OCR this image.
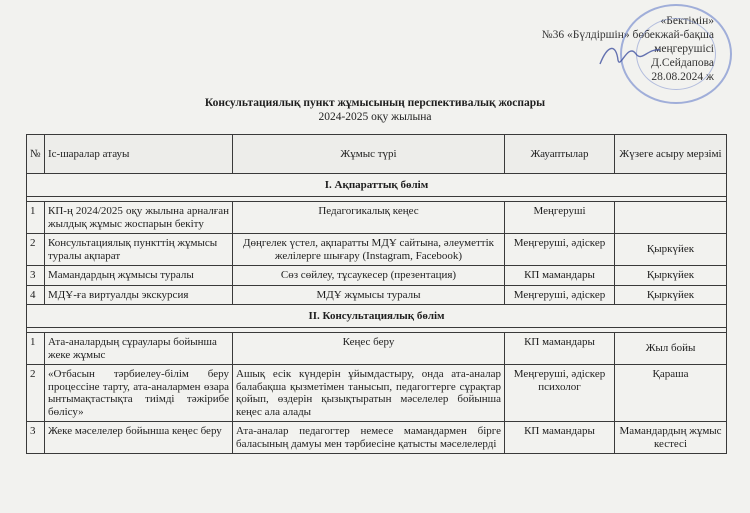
«Бектімін»
№36 «Бүлдіршін» бөбекжай-бақша
меңгерушісі
Д.Сейдапова
28.08.2024 ж
Консультациялық пункт жұмысының перспективалық жоспары
2024-2025 оқу жылына
№	Іс-шаралар атауы	Жұмыс түрі	Жауаптылар	Жүзеге асыру мерзімі
І. Ақпараттық бөлім				

1	КП-ң 2024/2025 оқу жылына арналған жылдық жұмыс жоспарын бекіту	Педагогикалық кеңес	Меңгеруші	
2	Консультациялық пункттің жұмысы туралы ақпарат	Дөңгелек үстел, ақпаратты МДҰ сайтына, әлеуметтік желілерге шығару (Instagram, Facebook)	Меңгеруші, әдіскер	Қыркүйек
3	Мамандардың жұмысы туралы	Сөз сөйлеу, тұсаукесер (презентация)	КП мамандары	Қыркүйек
4	МДҰ-ға виртуалды экскурсия	МДҰ жұмысы туралы	Меңгеруші, әдіскер	Қыркүйек
ІІ. Консультациялық бөлім				

1	Ата-аналардың сұраулары бойынша жеке жұмыс	Кеңес беру	КП мамандары	Жыл бойы
2	«Отбасын тәрбиелеу-білім беру процессіне тарту, ата-аналармен өзара ынтымақтастықта тиімді тәжірибе бөлісу»	Ашық есік күндерін ұйымдастыру, онда ата-аналар балабақша қызметімен танысып, педагогтерге сұрақтар қойып, өздерін қызықтыратын мәселелер бойынша кеңес ала алады	Меңгеруші, әдіскер психолог	Қараша
3	Жеке мәселелер бойынша кеңес беру	Ата-аналар педагогтер немесе мамандармен бірге баласының дамуы мен тәрбиесіне қатысты мәселелерді	КП мамандары	Мамандардың жұмыс кестесі
